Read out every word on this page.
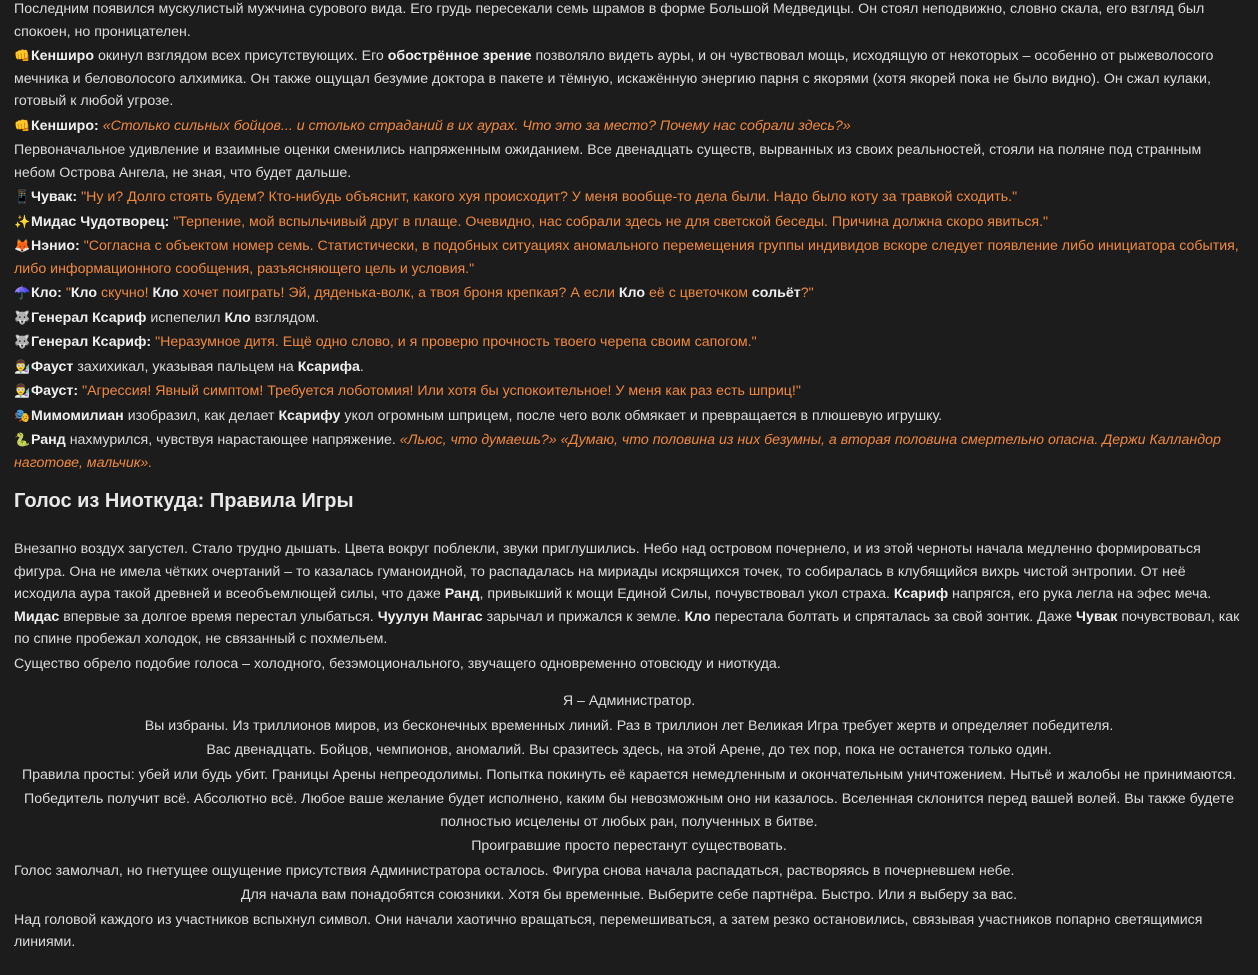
Последним появился мускулистый мужчина сурового вида. Его грудь пересекали семь шрамов в форме Большой Медведицы. Он стоял неподвижно, словно скала, его взгляд был спокоен, но проницателен.

👊Кенширо окинул взглядом всех присутствующих. Его обострённое зрение позволяло видеть ауры, и он чувствовал мощь, исходящую от некоторых – особенно от рыжеволосого мечника и беловолосого алхимика. Он также ощущал безумие доктора в пакете и тёмную, искажённую энергию парня с якорями (хотя якорей пока не было видно). Он сжал кулаки, готовый к любой угрозе.

👊Кенширо: «Столько сильных бойцов... и столько страданий в их аурах. Что это за место? Почему нас собрали здесь?»

Первоначальное удивление и взаимные оценки сменились напряженным ожиданием. Все двенадцать существ, вырванных из своих реальностей, стояли на поляне под странным небом Острова Ангела, не зная, что будет дальше.

📱Чувак: "Ну и? Долго стоять будем? Кто-нибудь объяснит, какого хуя происходит? У меня вообще-то дела были. Надо было коту за травкой сходить."

✨Мидас Чудотворец: "Терпение, мой вспыльчивый друг в плаще. Очевидно, нас собрали здесь не для светской беседы. Причина должна скоро явиться."

🦊Нэнио: "Согласна с объектом номер семь. Статистически, в подобных ситуациях аномального перемещения группы индивидов вскоре следует появление либо инициатора события, либо информационного сообщения, разъясняющего цель и условия."

☂️Кло: "Кло скучно! Кло хочет поиграть! Эй, дяденька-волк, а твоя броня крепкая? А если Кло её с цветочком сольёт?"

🐺Генерал Ксариф испепелил Кло взглядом.

🐺Генерал Ксариф: "Неразумное дитя. Ещё одно слово, и я проверю прочность твоего черепа своим сапогом."

👨‍🔬Фауст захихикал, указывая пальцем на Ксарифа.

👨‍🔬Фауст: "Агрессия! Явный симптом! Требуется лоботомия! Или хотя бы успокоительное! У меня как раз есть шприц!"

🎭Мимомилиан изобразил, как делает Ксарифу укол огромным шприцем, после чего волк обмякает и превращается в плюшевую игрушку.

🐍Ранд нахмурился, чувствуя нарастающее напряжение. «Льюс, что думаешь?» «Думаю, что половина из них безумны, а вторая половина смертельно опасна. Держи Калландор наготове, мальчик».

Голос из Ниоткуда: Правила Игры

Внезапно воздух загустел. Стало трудно дышать. Цвета вокруг поблекли, звуки приглушились. Небо над островом почернело, и из этой черноты начала медленно формироваться фигура. Она не имела чётких очертаний – то казалась гуманоидной, то распадалась на мириады искрящихся точек, то собиралась в клубящийся вихрь чистой энтропии. От неё исходила аура такой древней и всеобъемлющей силы, что даже Ранд, привыкший к мощи Единой Силы, почувствовал укол страха. Ксариф напрягся, его рука легла на эфес меча. Мидас впервые за долгое время перестал улыбаться. Чуулун Мангас зарычал и прижался к земле. Кло перестала болтать и спряталась за свой зонтик. Даже Чувак почувствовал, как по спине пробежал холодок, не связанный с похмельем.

Существо обрело подобие голоса – холодного, безэмоционального, звучащего одновременно отовсюду и ниоткуда.

Я – Администратор.

Вы избраны. Из триллионов миров, из бесконечных временных линий. Раз в триллион лет Великая Игра требует жертв и определяет победителя.

Вас двенадцать. Бойцов, чемпионов, аномалий. Вы сразитесь здесь, на этой Арене, до тех пор, пока не останется только один.

Правила просты: убей или будь убит. Границы Арены непреодолимы. Попытка покинуть её карается немедленным и окончательным уничтожением. Нытьё и жалобы не принимаются.

Победитель получит всё. Абсолютно всё. Любое ваше желание будет исполнено, каким бы невозможным оно ни казалось. Вселенная склонится перед вашей волей. Вы также будете полностью исцелены от любых ран, полученных в битве.

Проигравшие просто перестанут существовать.

Голос замолчал, но гнетущее ощущение присутствия Администратора осталось. Фигура снова начала распадаться, растворяясь в почерневшем небе.

Для начала вам понадобятся союзники. Хотя бы временные. Выберите себе партнёра. Быстро. Или я выберу за вас.

Над головой каждого из участников вспыхнул символ. Они начали хаотично вращаться, перемешиваться, а затем резко остановились, связывая участников попарно светящимися линиями.
